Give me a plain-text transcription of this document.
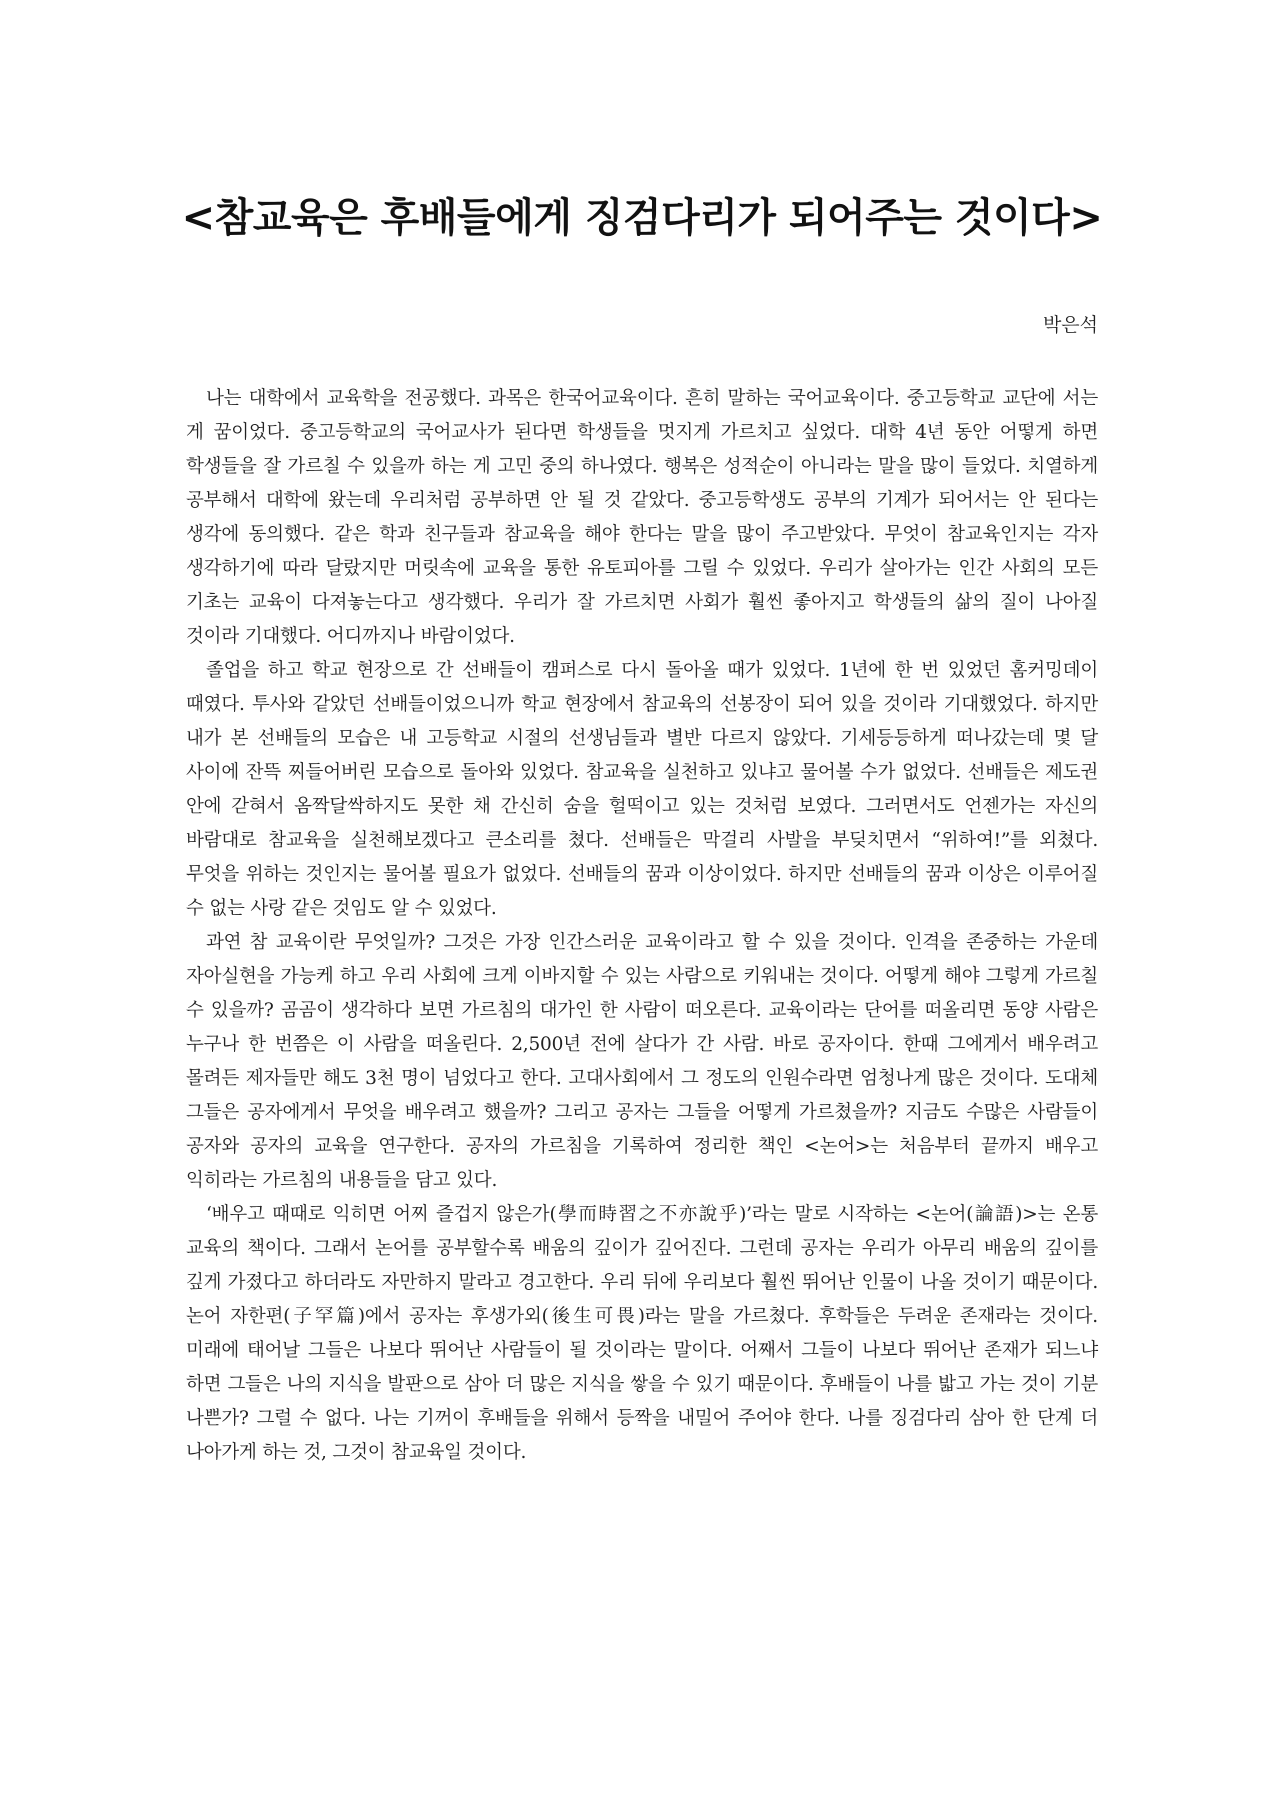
<참교육은 후배들에게 징검다리가 되어주는 것이다>

박은석

나는 대학에서 교육학을 전공했다. 과목은 한국어교육이다. 흔히 말하는 국어교육이다. 중고등학교 교단에 서는 게 꿈이었다. 중고등학교의 국어교사가 된다면 학생들을 멋지게 가르치고 싶었다. 대학 4년 동안 어떻게 하면 학생들을 잘 가르칠 수 있을까 하는 게 고민 중의 하나였다. 행복은 성적순이 아니라는 말을 많이 들었다. 치열하게 공부해서 대학에 왔는데 우리처럼 공부하면 안 될 것 같았다. 중고등학생도 공부의 기계가 되어서는 안 된다는 생각에 동의했다. 같은 학과 친구들과 참교육을 해야 한다는 말을 많이 주고받았다. 무엇이 참교육인지는 각자 생각하기에 따라 달랐지만 머릿속에 교육을 통한 유토피아를 그릴 수 있었다. 우리가 살아가는 인간 사회의 모든 기초는 교육이 다져놓는다고 생각했다. 우리가 잘 가르치면 사회가 훨씬 좋아지고 학생들의 삶의 질이 나아질 것이라 기대했다. 어디까지나 바람이었다.

졸업을 하고 학교 현장으로 간 선배들이 캠퍼스로 다시 돌아올 때가 있었다. 1년에 한 번 있었던 홈커밍데이 때였다. 투사와 같았던 선배들이었으니까 학교 현장에서 참교육의 선봉장이 되어 있을 것이라 기대했었다. 하지만 내가 본 선배들의 모습은 내 고등학교 시절의 선생님들과 별반 다르지 않았다. 기세등등하게 떠나갔는데 몇 달 사이에 잔뜩 찌들어버린 모습으로 돌아와 있었다. 참교육을 실천하고 있냐고 물어볼 수가 없었다. 선배들은 제도권 안에 갇혀서 옴짝달싹하지도 못한 채 간신히 숨을 헐떡이고 있는 것처럼 보였다. 그러면서도 언젠가는 자신의 바람대로 참교육을 실천해보겠다고 큰소리를 쳤다. 선배들은 막걸리 사발을 부딪치면서 “위하여!”를 외쳤다. 무엇을 위하는 것인지는 물어볼 필요가 없었다. 선배들의 꿈과 이상이었다. 하지만 선배들의 꿈과 이상은 이루어질 수 없는 사랑 같은 것임도 알 수 있었다.

과연 참 교육이란 무엇일까? 그것은 가장 인간스러운 교육이라고 할 수 있을 것이다. 인격을 존중하는 가운데 자아실현을 가능케 하고 우리 사회에 크게 이바지할 수 있는 사람으로 키워내는 것이다. 어떻게 해야 그렇게 가르칠 수 있을까? 곰곰이 생각하다 보면 가르침의 대가인 한 사람이 떠오른다. 교육이라는 단어를 떠올리면 동양 사람은 누구나 한 번쯤은 이 사람을 떠올린다. 2,500년 전에 살다가 간 사람. 바로 공자이다. 한때 그에게서 배우려고 몰려든 제자들만 해도 3천 명이 넘었다고 한다. 고대사회에서 그 정도의 인원수라면 엄청나게 많은 것이다. 도대체 그들은 공자에게서 무엇을 배우려고 했을까? 그리고 공자는 그들을 어떻게 가르쳤을까? 지금도 수많은 사람들이 공자와 공자의 교육을 연구한다. 공자의 가르침을 기록하여 정리한 책인 <논어>는 처음부터 끝까지 배우고 익히라는 가르침의 내용들을 담고 있다.

‘배우고 때때로 익히면 어찌 즐겁지 않은가(學而時習之不亦說乎)’라는 말로 시작하는 <논어(論語)>는 온통 교육의 책이다. 그래서 논어를 공부할수록 배움의 깊이가 깊어진다. 그런데 공자는 우리가 아무리 배움의 깊이를 깊게 가졌다고 하더라도 자만하지 말라고 경고한다. 우리 뒤에 우리보다 훨씬 뛰어난 인물이 나올 것이기 때문이다. 논어 자한편(子罕篇)에서 공자는 후생가외(後生可畏)라는 말을 가르쳤다. 후학들은 두려운 존재라는 것이다. 미래에 태어날 그들은 나보다 뛰어난 사람들이 될 것이라는 말이다. 어째서 그들이 나보다 뛰어난 존재가 되느냐 하면 그들은 나의 지식을 발판으로 삼아 더 많은 지식을 쌓을 수 있기 때문이다. 후배들이 나를 밟고 가는 것이 기분 나쁜가? 그럴 수 없다. 나는 기꺼이 후배들을 위해서 등짝을 내밀어 주어야 한다. 나를 징검다리 삼아 한 단계 더 나아가게 하는 것, 그것이 참교육일 것이다.
